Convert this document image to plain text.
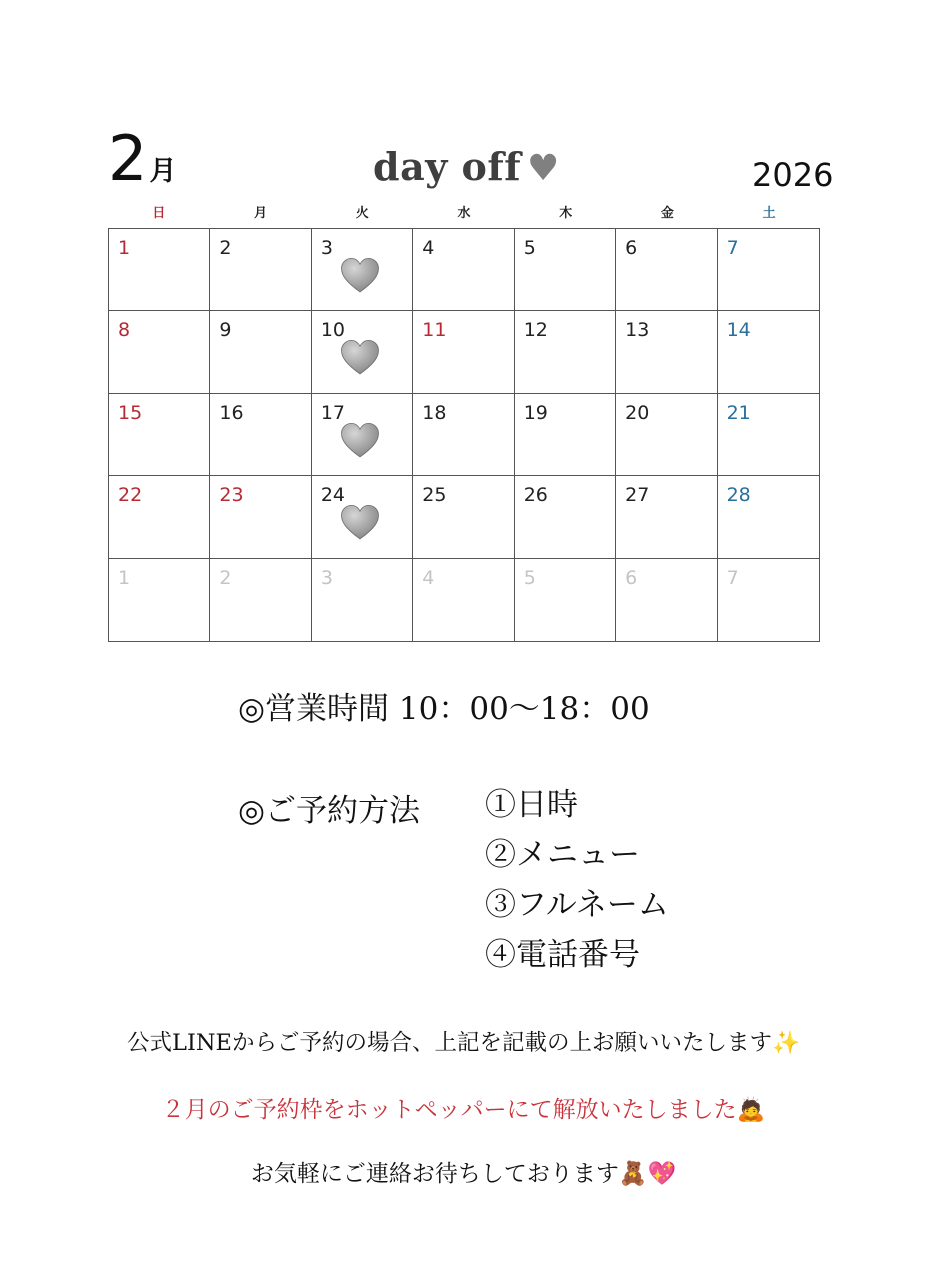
2月	day off ♥	2026
日	月	火	水	木	金	土
1	2	3	4	5	6	7
8	9	10	11	12	13	14
15	16	17	18	19	20	21
22	23	24	25	26	27	28
1	2	3	4	5	6	7
◎営業時間 10：00〜18：00
◎ご予約方法 ①日時
②メニュー
③フルネーム
④電話番号
公式LINEからご予約の場合、上記を記載の上お願いいたします✨
２月のご予約枠をホットペッパーにて解放いたしました🙇
お気軽にご連絡お待ちしております🧸💖
